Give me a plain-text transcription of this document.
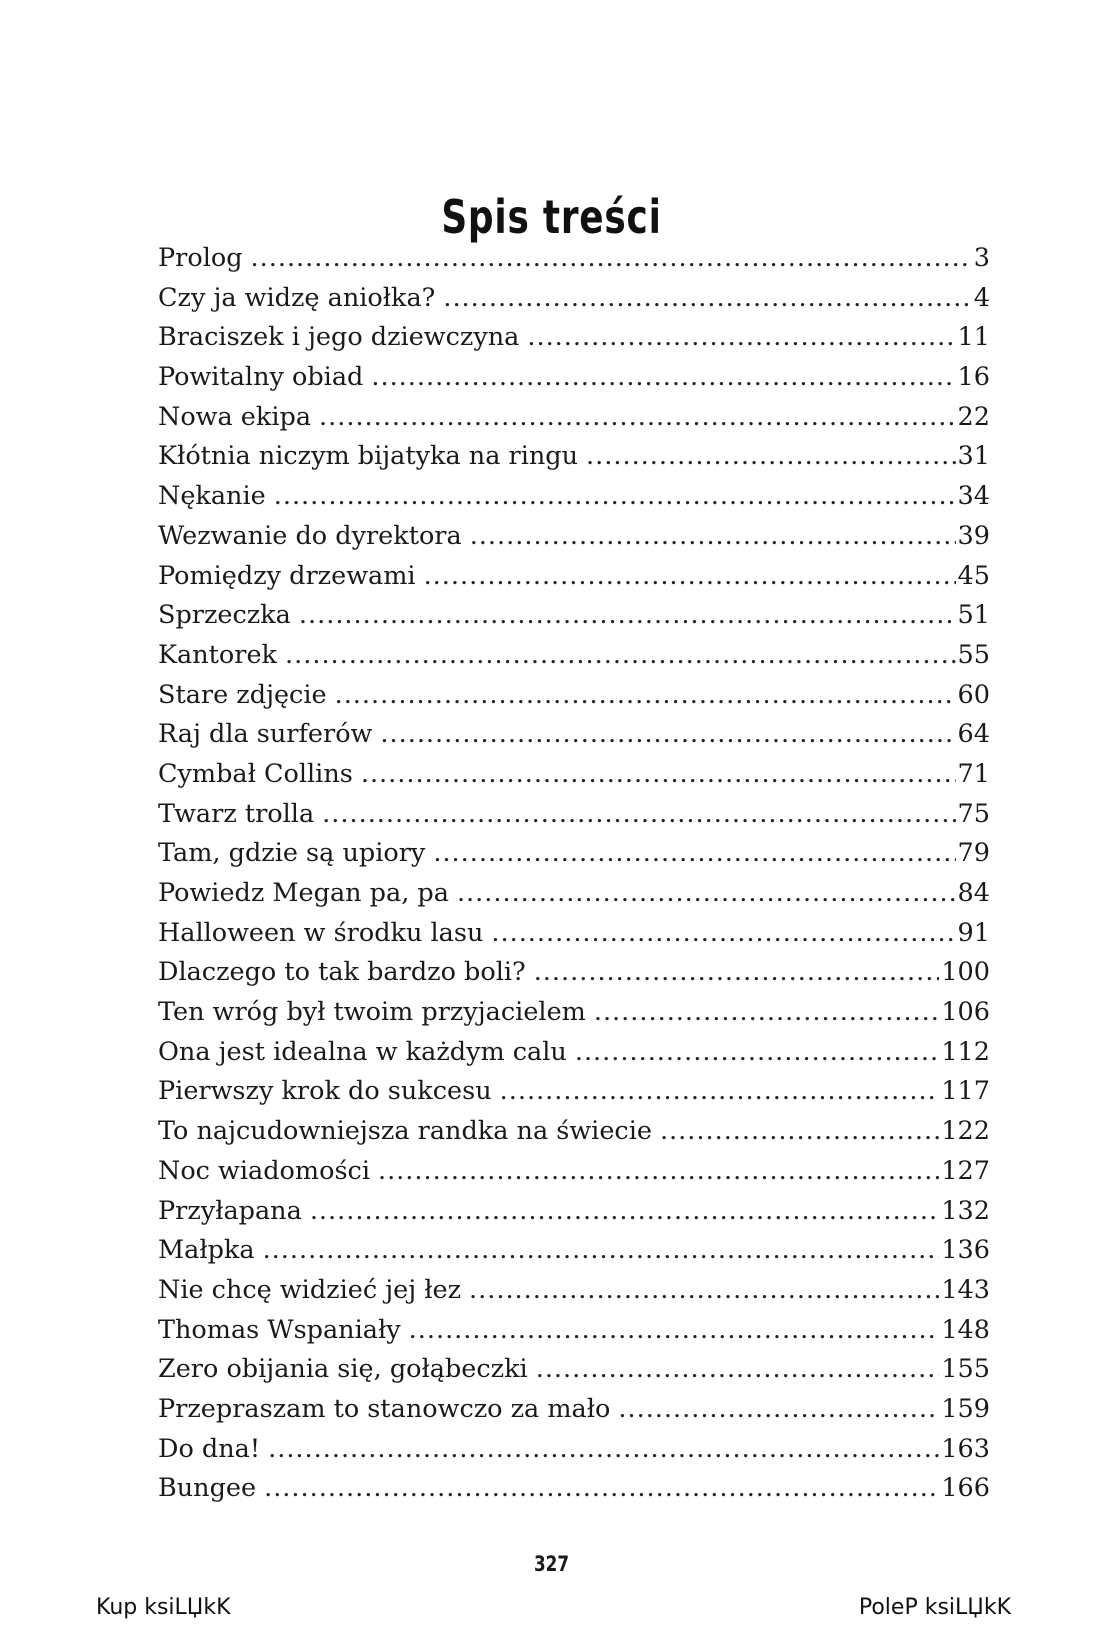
Spis treści
Prolog .....	3
Czy ja widzę aniołka? .....	4
Braciszek i jego dziewczyna .....	11
Powitalny obiad .....	16
Nowa ekipa .....	22
Kłótnia niczym bijatyka na ringu .....	31
Nękanie .....	34
Wezwanie do dyrektora .....	39
Pomiędzy drzewami .....	45
Sprzeczka .....	51
Kantorek .....	55
Stare zdjęcie .....	60
Raj dla surferów .....	64
Cymbał Collins .....	71
Twarz trolla .....	75
Tam, gdzie są upiory .....	79
Powiedz Megan pa, pa .....	84
Halloween w środku lasu .....	91
Dlaczego to tak bardzo boli? .....	100
Ten wróg był twoim przyjacielem .....	106
Ona jest idealna w każdym calu .....	112
Pierwszy krok do sukcesu .....	117
To najcudowniejsza randka na świecie .....	122
Noc wiadomości .....	127
Przyłapana .....	132
Małpka .....	136
Nie chcę widzieć jej łez .....	143
Thomas Wspaniały .....	148
Zero obijania się, gołąbeczki .....	155
Przepraszam to stanowczo za mało .....	159
Do dna! .....	163
Bungee .....	166
327
Kup ksiLЏkK	PoleP ksiLЏkK
